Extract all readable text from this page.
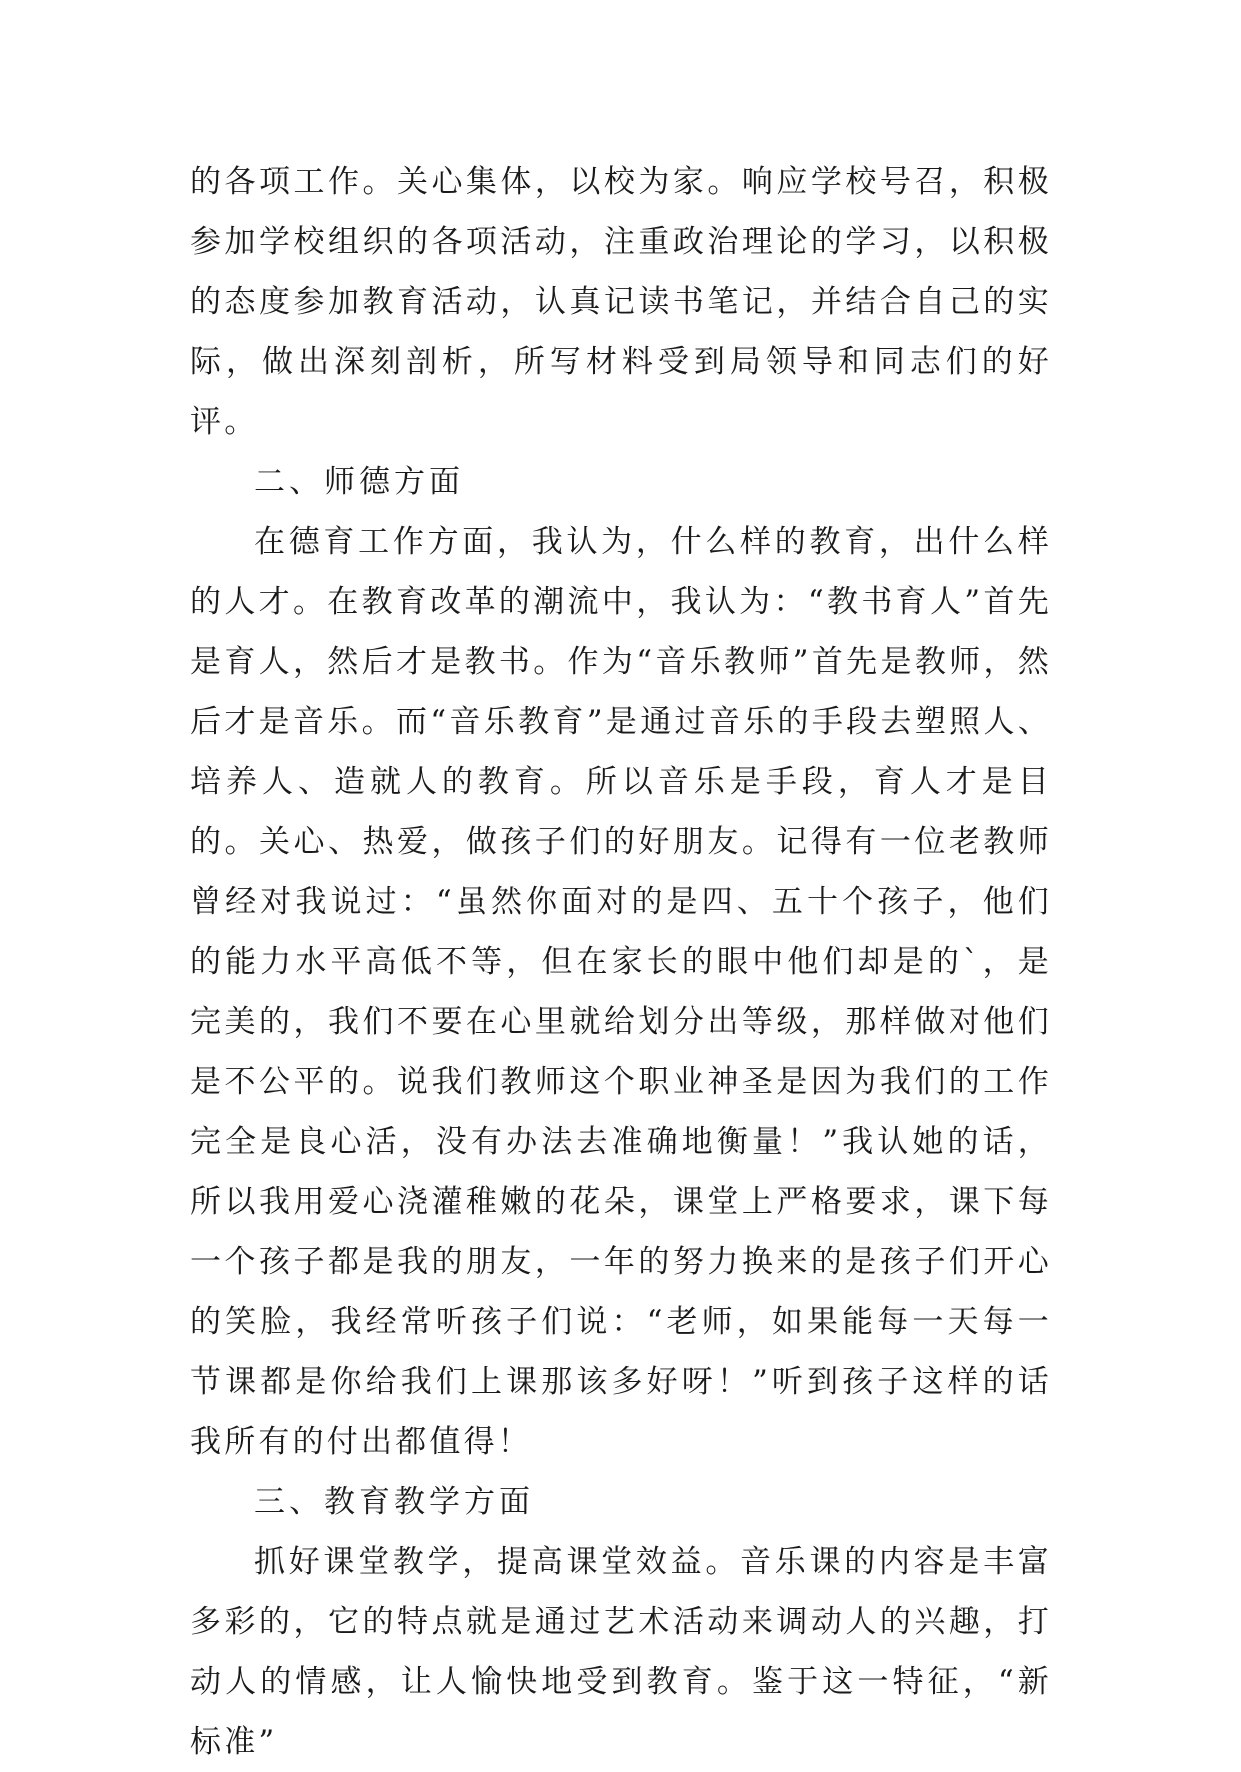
的各项工作。关心集体，以校为家。响应学校号召，积极参加学校组织的各项活动，注重政治理论的学习，以积极的态度参加教育活动，认真记读书笔记，并结合自己的实际，做出深刻剖析，所写材料受到局领导和同志们的好评。

二、师德方面

在德育工作方面，我认为，什么样的教育，出什么样的人才。在教育改革的潮流中，我认为：“教书育人”首先是育人，然后才是教书。作为“音乐教师”首先是教师，然后才是音乐。而“音乐教育”是通过音乐的手段去塑照人、培养人、造就人的教育。所以音乐是手段，育人才是目的。关心、热爱，做孩子们的好朋友。记得有一位老教师曾经对我说过：“虽然你面对的是四、五十个孩子，他们的能力水平高低不等，但在家长的眼中他们却是的`，是完美的，我们不要在心里就给划分出等级，那样做对他们是不公平的。说我们教师这个职业神圣是因为我们的工作完全是良心活，没有办法去准确地衡量！”我认她的话，所以我用爱心浇灌稚嫩的花朵，课堂上严格要求，课下每一个孩子都是我的朋友，一年的努力换来的是孩子们开心的笑脸，我经常听孩子们说：“老师，如果能每一天每一节课都是你给我们上课那该多好呀！”听到孩子这样的话我所有的付出都值得！

三、教育教学方面

抓好课堂教学，提高课堂效益。音乐课的内容是丰富多彩的，它的特点就是通过艺术活动来调动人的兴趣，打动人的情感，让人愉快地受到教育。鉴于这一特征，“新标准”
